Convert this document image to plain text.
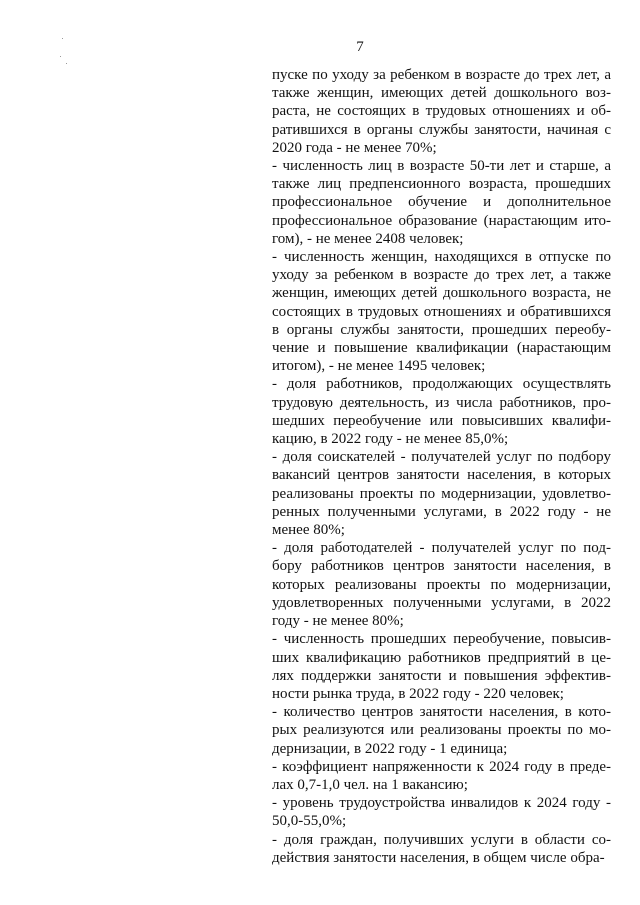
7

пуске по уходу за ребенком в возрасте до трех лет, а также женщин, имеющих детей дошкольного возраста, не состоящих в трудовых отношениях и обратившихся в органы службы занятости, начиная с 2020 года - не менее 70%;

- численность лиц в возрасте 50-ти лет и старше, а также лиц предпенсионного возраста, прошедших профессиональное обучение и дополнительное профессиональное образование (нарастающим итогом), - не менее 2408 человек;

- численность женщин, находящихся в отпуске по уходу за ребенком в возрасте до трех лет, а также женщин, имеющих детей дошкольного возраста, не состоящих в трудовых отношениях и обратившихся в органы службы занятости, прошедших переобучение и повышение квалификации (нарастающим итогом), - не менее 1495 человек;

- доля работников, продолжающих осуществлять трудовую деятельность, из числа работников, прошедших переобучение или повысивших квалификацию, в 2022 году - не менее 85,0%;

- доля соискателей - получателей услуг по подбору вакансий центров занятости населения, в которых реализованы проекты по модернизации, удовлетворенных полученными услугами, в 2022 году - не менее 80%;

- доля работодателей - получателей услуг по подбору работников центров занятости населения, в которых реализованы проекты по модернизации, удовлетворенных полученными услугами, в 2022 году - не менее 80%;

- численность прошедших переобучение, повысивших квалификацию работников предприятий в целях поддержки занятости и повышения эффективности рынка труда, в 2022 году - 220 человек;

- количество центров занятости населения, в которых реализуются или реализованы проекты по модернизации, в 2022 году - 1 единица;

- коэффициент напряженности к 2024 году в пределах 0,7-1,0 чел. на 1 вакансию;

- уровень трудоустройства инвалидов к 2024 году - 50,0-55,0%;

- доля граждан, получивших услуги в области содействия занятости населения, в общем числе обра-
